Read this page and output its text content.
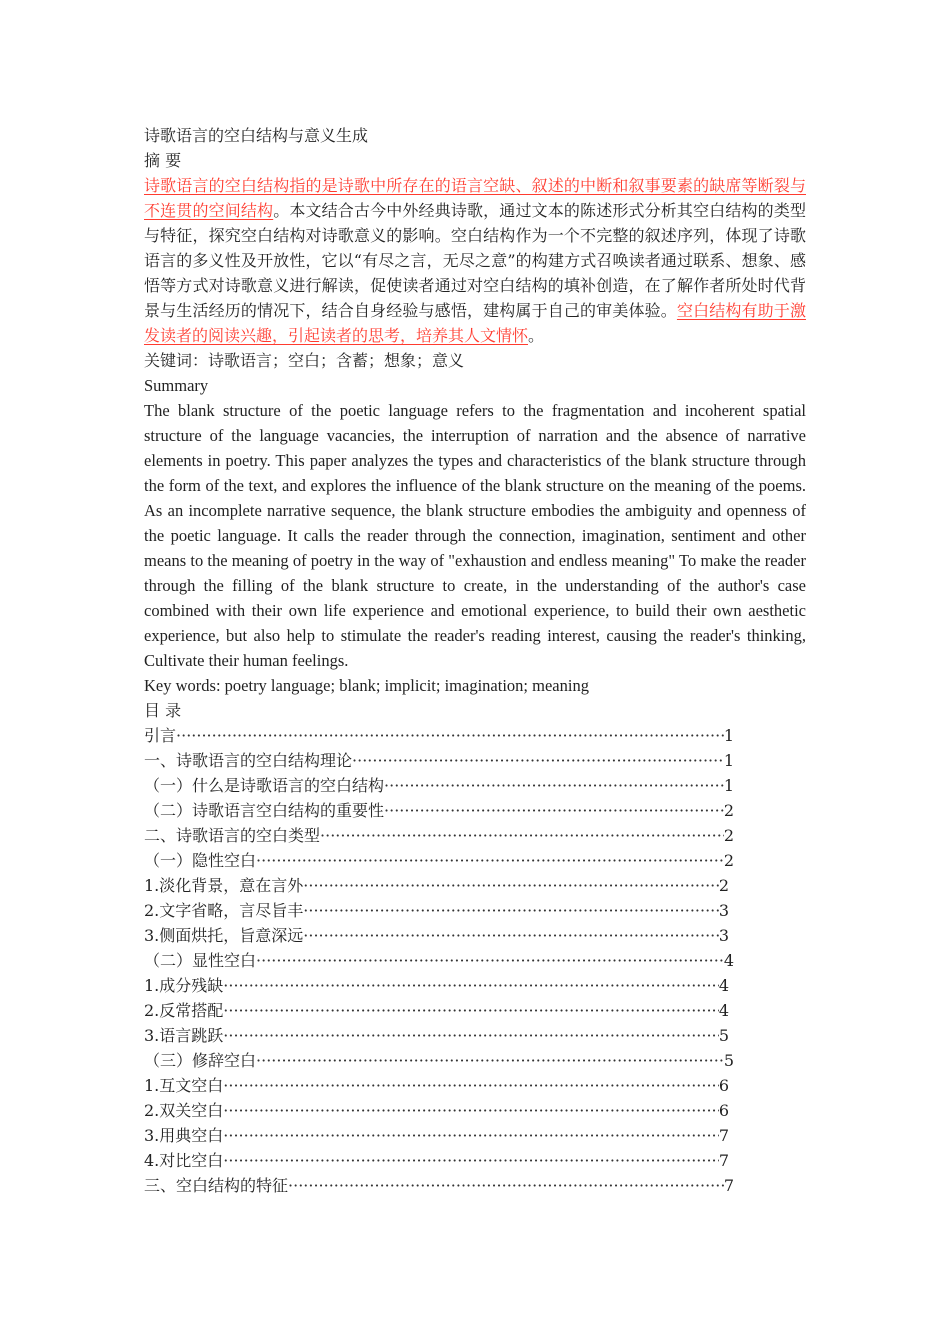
诗歌语言的空白结构与意义生成
摘 要
诗歌语言的空白结构指的是诗歌中所存在的语言空缺、叙述的中断和叙事要素的缺席等断裂与不连贯的空间结构。本文结合古今中外经典诗歌，通过文本的陈述形式分析其空白结构的类型与特征，探究空白结构对诗歌意义的影响。空白结构作为一个不完整的叙述序列，体现了诗歌语言的多义性及开放性，它以“有尽之言，无尽之意”的构建方式召唤读者通过联系、想象、感悟等方式对诗歌意义进行解读，促使读者通过对空白结构的填补创造，在了解作者所处时代背景与生活经历的情况下，结合自身经验与感悟，建构属于自己的审美体验。空白结构有助于激发读者的阅读兴趣，引起读者的思考，培养其人文情怀。
关键词：诗歌语言；空白；含蓄；想象；意义
Summary
The blank structure of the poetic language refers to the fragmentation and incoherent spatial structure of the language vacancies, the interruption of narration and the absence of narrative elements in poetry. This paper analyzes the types and characteristics of the blank structure through the form of the text, and explores the influence of the blank structure on the meaning of the poems. As an incomplete narrative sequence, the blank structure embodies the ambiguity and openness of the poetic language. It calls the reader through the connection, imagination, sentiment and other means to the meaning of poetry in the way of "exhaustion and endless meaning" To make the reader through the filling of the blank structure to create, in the understanding of the author's case combined with their own life experience and emotional experience, to build their own aesthetic experience, but also help to stimulate the reader's reading interest, causing the reader's thinking, Cultivate their human feelings.
Key words: poetry language; blank; implicit; imagination; meaning
目 录
引言 ·····	1
一、诗歌语言的空白结构理论 ·····	1
（一）什么是诗歌语言的空白结构 ·····	1
（二）诗歌语言空白结构的重要性 ·····	2
二、诗歌语言的空白类型 ·····	2
（一）隐性空白 ·····	2
1.淡化背景，意在言外 ·····	2
2.文字省略，言尽旨丰 ·····	3
3.侧面烘托，旨意深远 ·····	3
（二）显性空白 ·····	4
1.成分残缺 ·····	4
2.反常搭配 ·····	4
3.语言跳跃 ·····	5
（三）修辞空白 ·····	5
1.互文空白 ·····	6
2.双关空白 ·····	6
3.用典空白 ·····	7
4.对比空白 ·····	7
三、空白结构的特征 ·····	7
